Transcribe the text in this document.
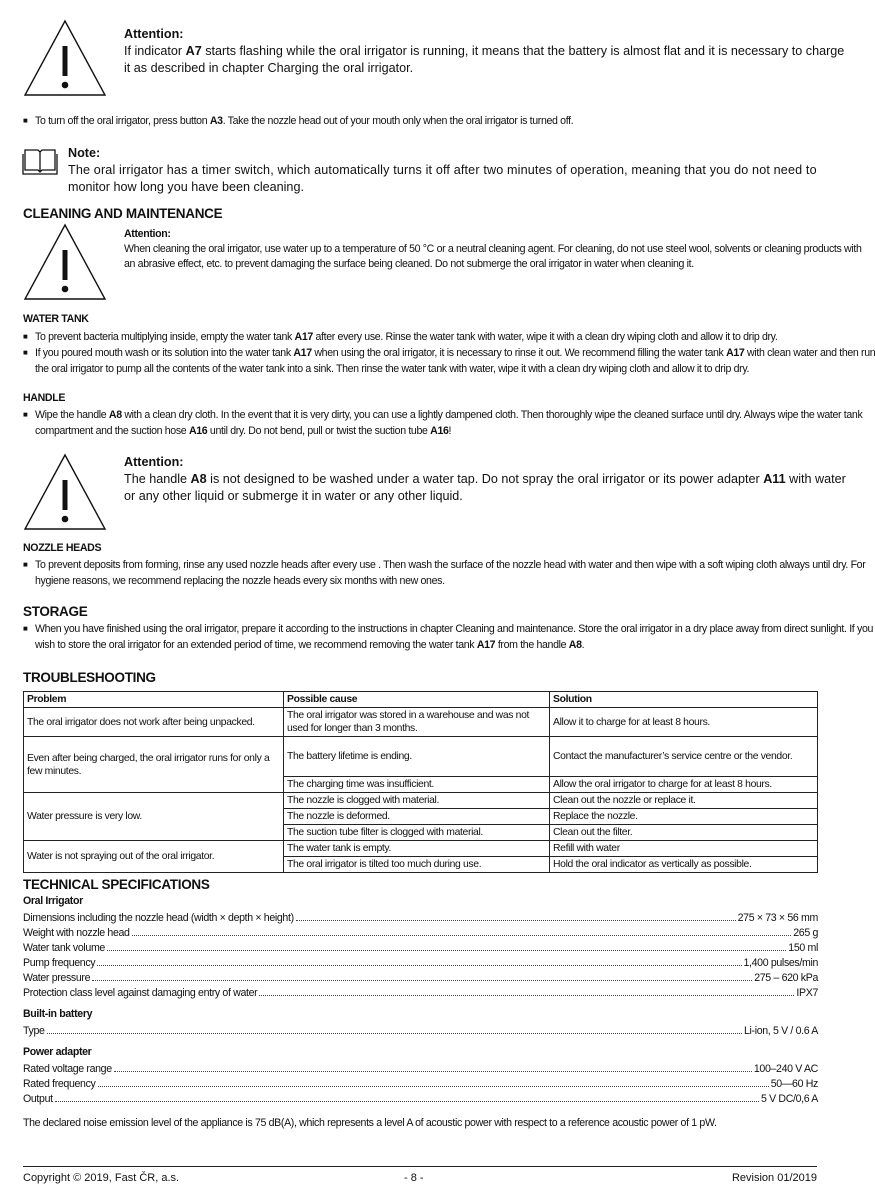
Attention:
If indicator A7 starts flashing while the oral irrigator is running, it means that the battery is almost flat and it is necessary to charge
it as described in chapter Charging the oral irrigator.
■ To turn off the oral irrigator, press button A3. Take the nozzle head out of your mouth only when the oral irrigator is turned off.
Note:
The oral irrigator has a timer switch, which automatically turns it off after two minutes of operation, meaning that you do not need to
monitor how long you have been cleaning.
CLEANING AND MAINTENANCE
Attention:
When cleaning the oral irrigator, use water up to a temperature of 50 °C or a neutral cleaning agent. For cleaning, do not use steel wool, solvents or cleaning products with
an abrasive effect, etc. to prevent damaging the surface being cleaned. Do not submerge the oral irrigator in water when cleaning it.
WATER TANK
■ To prevent bacteria multiplying inside, empty the water tank A17 after every use. Rinse the water tank with water, wipe it with a clean dry wiping cloth and allow it to drip dry.
■ If you poured mouth wash or its solution into the water tank A17 when using the oral irrigator, it is necessary to rinse it out. We recommend filling the water tank A17 with clean water and then run
the oral irrigator to pump all the contents of the water tank into a sink. Then rinse the water tank with water, wipe it with a clean dry wiping cloth and allow it to drip dry.
HANDLE
■ Wipe the handle A8 with a clean dry cloth. In the event that it is very dirty, you can use a lightly dampened cloth. Then thoroughly wipe the cleaned surface until dry. Always wipe the water tank
compartment and the suction hose A16 until dry. Do not bend, pull or twist the suction tube A16!
Attention:
The handle A8 is not designed to be washed under a water tap. Do not spray the oral irrigator or its power adapter A11 with water
or any other liquid or submerge it in water or any other liquid.
NOZZLE HEADS
■ To prevent deposits from forming, rinse any used nozzle heads after every use . Then wash the surface of the nozzle head with water and then wipe with a soft wiping cloth always until dry. For
hygiene reasons, we recommend replacing the nozzle heads every six months with new ones.
STORAGE
■ When you have finished using the oral irrigator, prepare it according to the instructions in chapter Cleaning and maintenance. Store the oral irrigator in a dry place away from direct sunlight. If you
wish to store the oral irrigator for an extended period of time, we recommend removing the water tank A17 from the handle A8.
TROUBLESHOOTING
Problem	Possible cause	Solution
The oral irrigator does not work after being unpacked.	The oral irrigator was stored in a warehouse and was not used for longer than 3 months.	Allow it to charge for at least 8 hours.
Even after being charged, the oral irrigator runs for only a few minutes.	The battery lifetime is ending.	Contact the manufacturer’s service centre or the vendor.
	The charging time was insufficient.	Allow the oral irrigator to charge for at least 8 hours.
Water pressure is very low.	The nozzle is clogged with material.	Clean out the nozzle or replace it.
	The nozzle is deformed.	Replace the nozzle.
	The suction tube filter is clogged with material.	Clean out the filter.
Water is not spraying out of the oral irrigator.	The water tank is empty.	Refill with water
	The oral irrigator is tilted too much during use.	Hold the oral indicator as vertically as possible.
TECHNICAL SPECIFICATIONS
Oral Irrigator
Dimensions including the nozzle head (width × depth × height)	275 × 73 × 56 mm
Weight with nozzle head	265 g
Water tank volume	150 ml
Pump frequency	1,400 pulses/min
Water pressure	275 – 620 kPa
Protection class level against damaging entry of water	IPX7
Built-in battery
Type	Li-ion, 5 V / 0.6 A
Power adapter
Rated voltage range	100–240 V AC
Rated frequency	50—60 Hz
Output	5 V DC/0,6 A
The declared noise emission level of the appliance is 75 dB(A), which represents a level A of acoustic power with respect to a reference acoustic power of 1 pW.
Copyright © 2019, Fast ČR, a.s.	- 8 -	Revision 01/2019
